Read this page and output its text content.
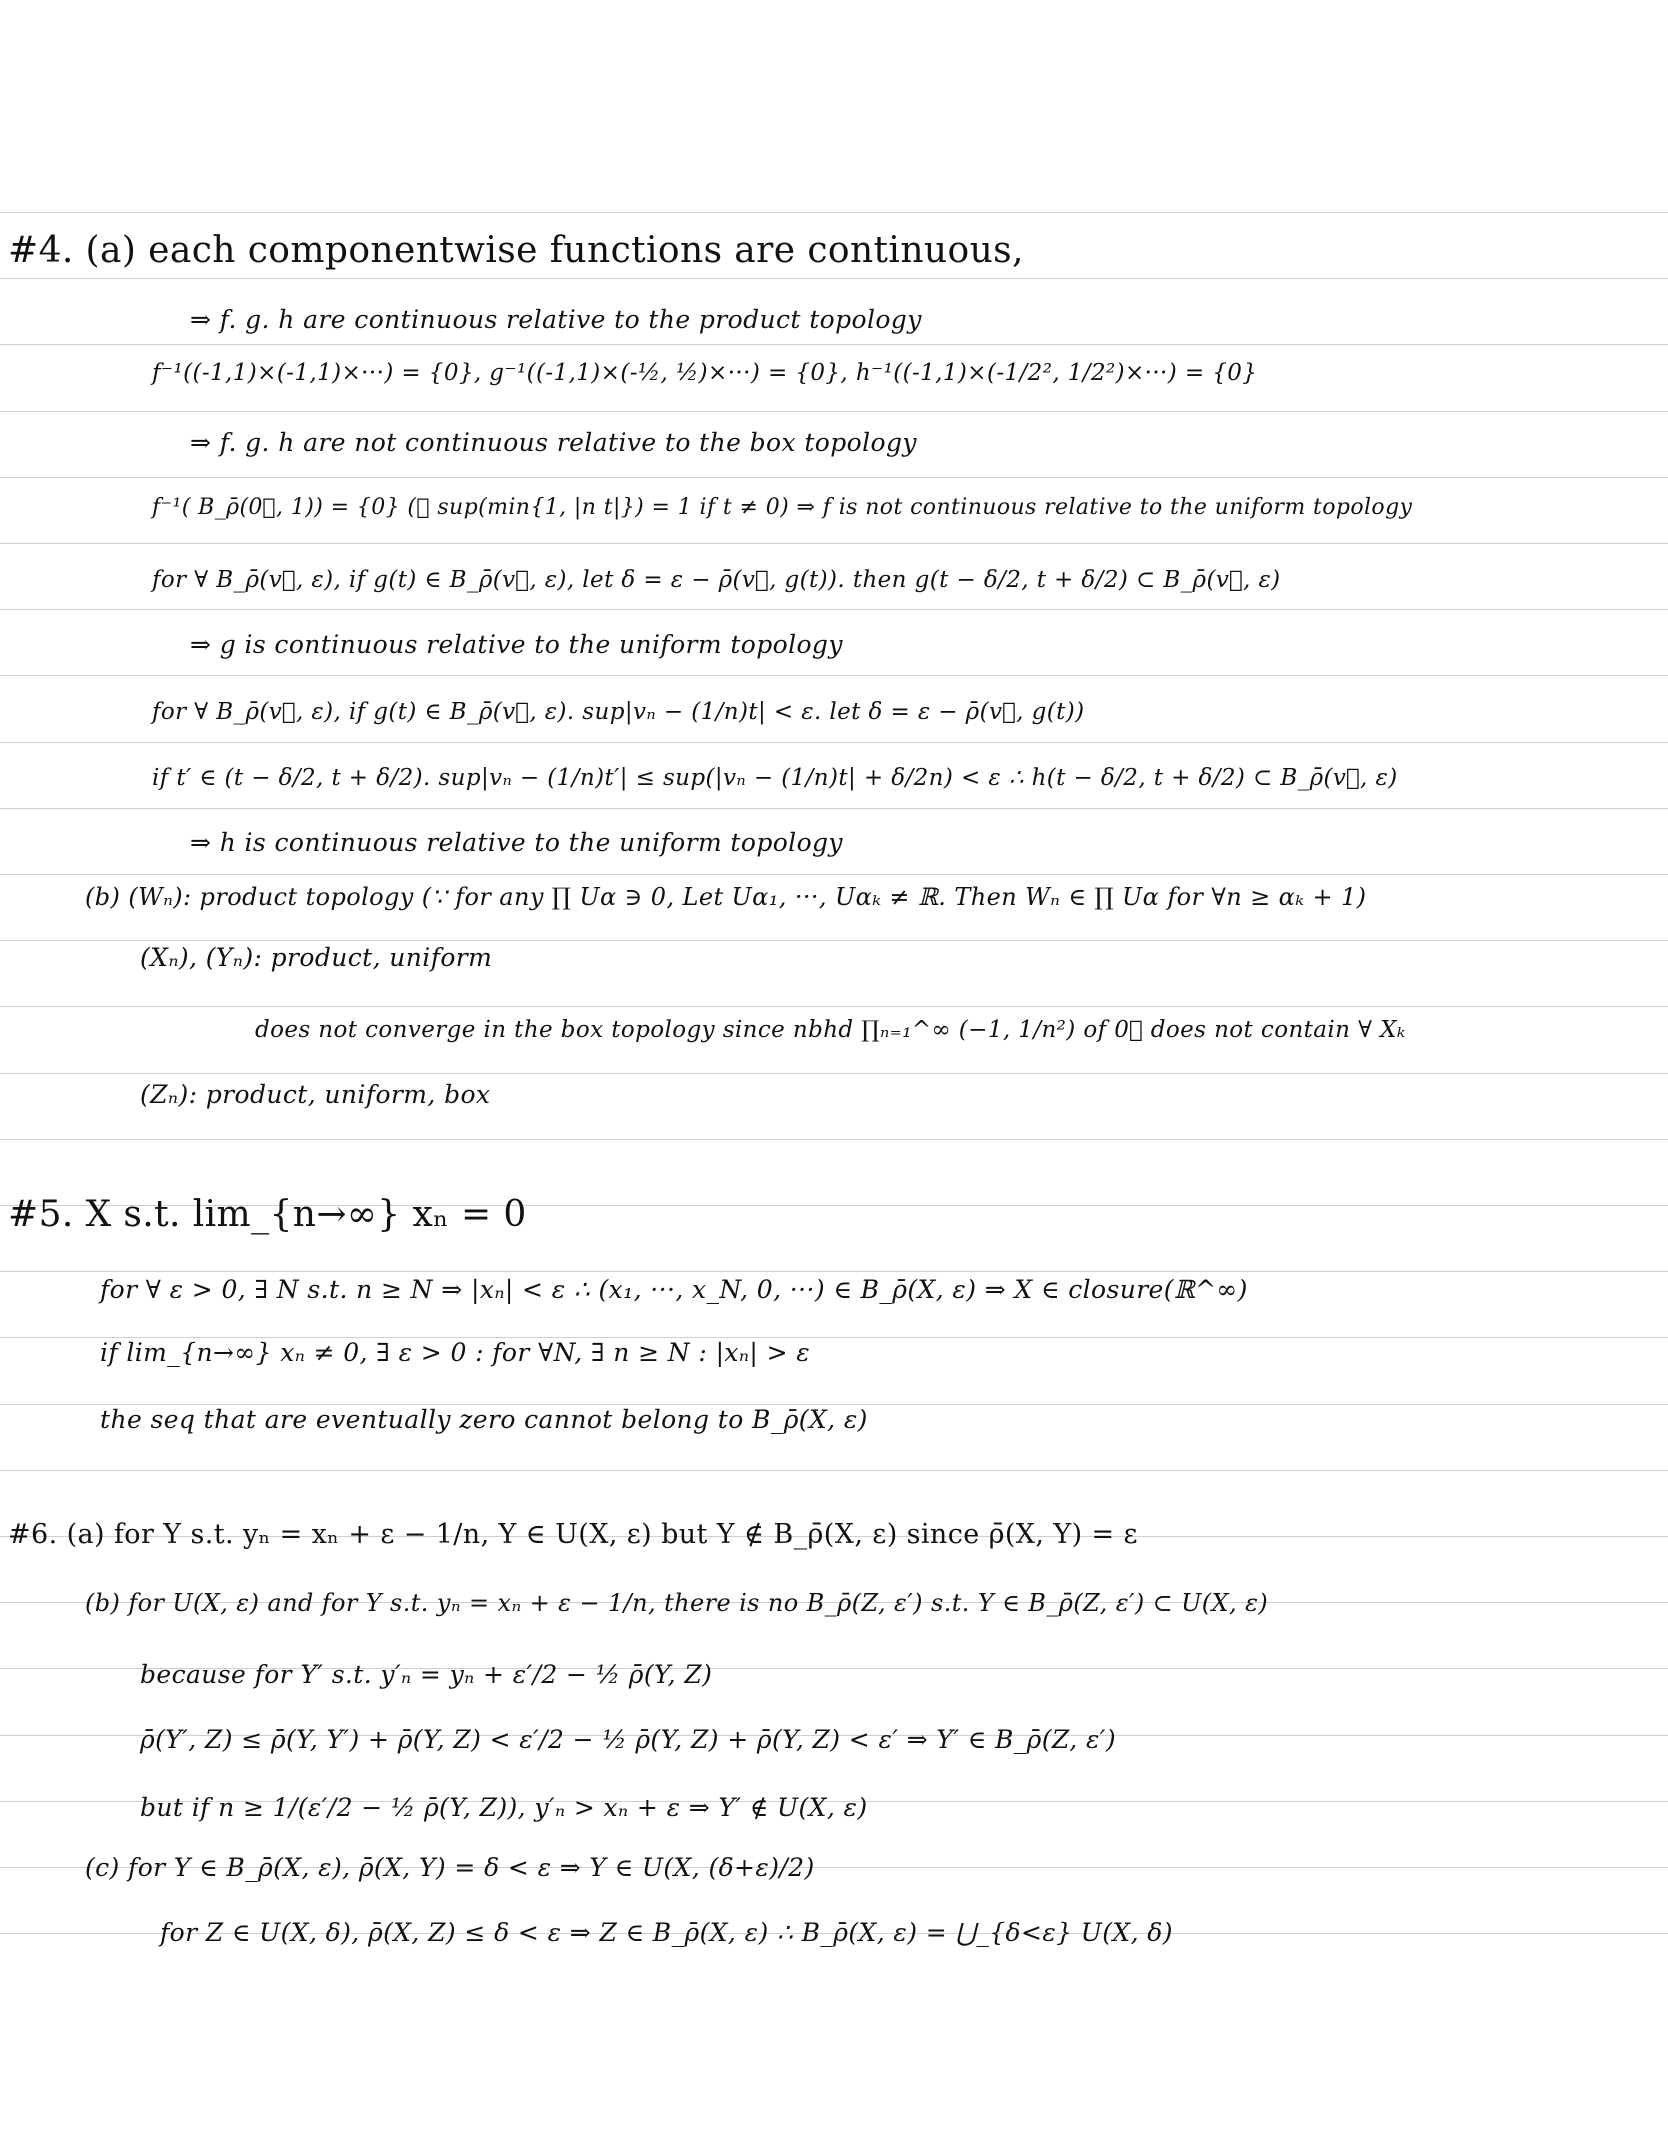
#4. (a) each componentwise functions are continuous,
⇒ f. g. h are continuous relative to the product topology
f⁻¹((-1,1)×(-1,1)×···) = {0}, g⁻¹((-1,1)×(-½, ½)×···) = {0}, h⁻¹((-1,1)×(-1/2², 1/2²)×···) = {0}
⇒ f. g. h are not continuous relative to the box topology
f⁻¹( B_ρ̄(0⃗, 1)) = {0} (∵ sup(min{1, |n t|}) = 1 if t ≠ 0) ⇒ f is not continuous relative to the uniform topology
for ∀ B_ρ̄(v⃗, ε), if g(t) ∈ B_ρ̄(v⃗, ε), let δ = ε − ρ̄(v⃗, g(t)). then g(t − δ/2, t + δ/2) ⊂ B_ρ̄(v⃗, ε)
⇒ g is continuous relative to the uniform topology
for ∀ B_ρ̄(v⃗, ε), if g(t) ∈ B_ρ̄(v⃗, ε). sup|vₙ − (1/n)t| < ε. let δ = ε − ρ̄(v⃗, g(t))
if t′ ∈ (t − δ/2, t + δ/2). sup|vₙ − (1/n)t′| ≤ sup(|vₙ − (1/n)t| + δ/2n) < ε ∴ h(t − δ/2, t + δ/2) ⊂ B_ρ̄(v⃗, ε)
⇒ h is continuous relative to the uniform topology
(b) (Wₙ): product topology (∵ for any ∏ Uα ∋ 0, Let Uα₁, ···, Uαₖ ≠ ℝ. Then Wₙ ∈ ∏ Uα for ∀n ≥ αₖ + 1)
(Xₙ), (Yₙ): product, uniform
does not converge in the box topology since nbhd ∏ₙ₌₁^∞ (−1, 1/n²) of 0⃗ does not contain ∀ Xₖ
(Zₙ): product, uniform, box
#5. X s.t. lim_{n→∞} xₙ = 0
for ∀ ε > 0, ∃ N s.t. n ≥ N ⇒ |xₙ| < ε ∴ (x₁, ···, x_N, 0, ···) ∈ B_ρ̄(X, ε) ⇒ X ∈ closure(ℝ^∞)
if lim_{n→∞} xₙ ≠ 0, ∃ ε > 0 : for ∀N, ∃ n ≥ N : |xₙ| > ε
the seq that are eventually zero cannot belong to B_ρ̄(X, ε)
#6. (a) for Y s.t. yₙ = xₙ + ε − 1/n, Y ∈ U(X, ε) but Y ∉ B_ρ̄(X, ε) since ρ̄(X, Y) = ε
(b) for U(X, ε) and for Y s.t. yₙ = xₙ + ε − 1/n, there is no B_ρ̄(Z, ε′) s.t. Y ∈ B_ρ̄(Z, ε′) ⊂ U(X, ε)
because for Y′ s.t. y′ₙ = yₙ + ε′/2 − ½ ρ̄(Y, Z)
ρ̄(Y′, Z) ≤ ρ̄(Y, Y′) + ρ̄(Y, Z) < ε′/2 − ½ ρ̄(Y, Z) + ρ̄(Y, Z) < ε′ ⇒ Y′ ∈ B_ρ̄(Z, ε′)
but if n ≥ 1/(ε′/2 − ½ ρ̄(Y, Z)), y′ₙ > xₙ + ε ⇒ Y′ ∉ U(X, ε)
(c) for Y ∈ B_ρ̄(X, ε), ρ̄(X, Y) = δ < ε ⇒ Y ∈ U(X, (δ+ε)/2)
for Z ∈ U(X, δ), ρ̄(X, Z) ≤ δ < ε ⇒ Z ∈ B_ρ̄(X, ε) ∴ B_ρ̄(X, ε) = ⋃_{δ<ε} U(X, δ)
